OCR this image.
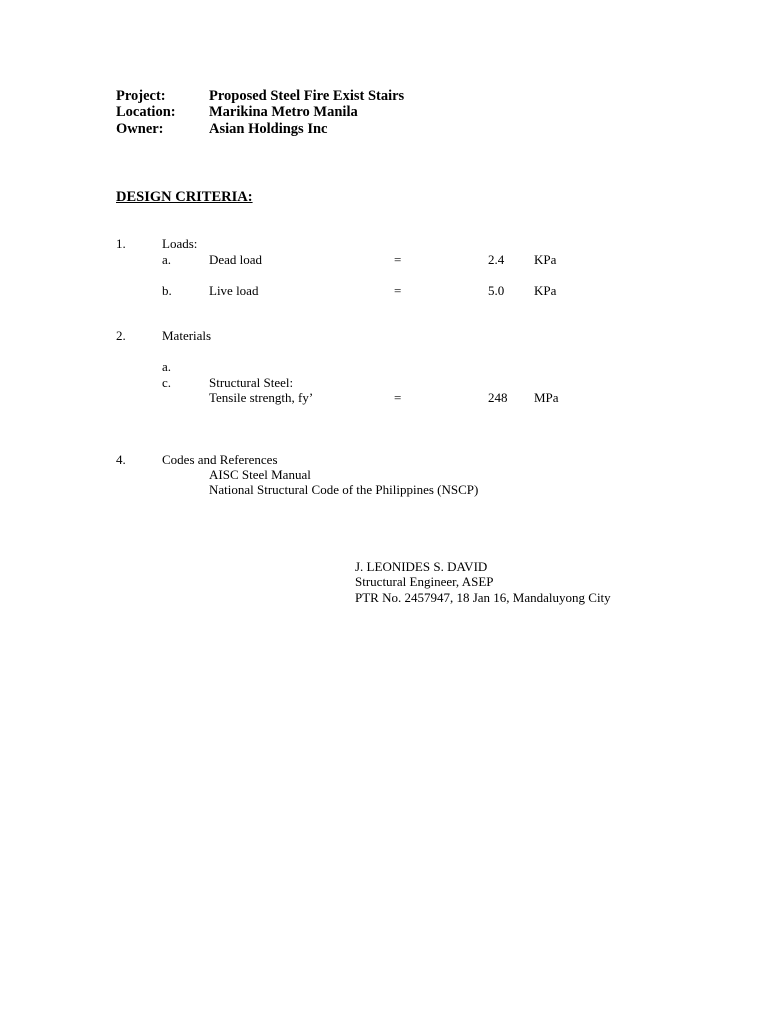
Project:	Proposed Steel Fire Exist Stairs
Location: Marikina Metro Manila
Owner:	Asian Holdings Inc
DESIGN CRITERIA:
1.	Loads:
a.	Dead load	=	2.4 KPa
b.	Live load	=	5.0 KPa
2.	Materials
a.
c.	Structural Steel:
Tensile strength, fy’	=	248 MPa
4.	Codes and References
AISC Steel Manual
National Structural Code of the Philippines (NSCP)
J. LEONIDES S. DAVID
Structural Engineer, ASEP
PTR No. 2457947, 18 Jan 16, Mandaluyong City
